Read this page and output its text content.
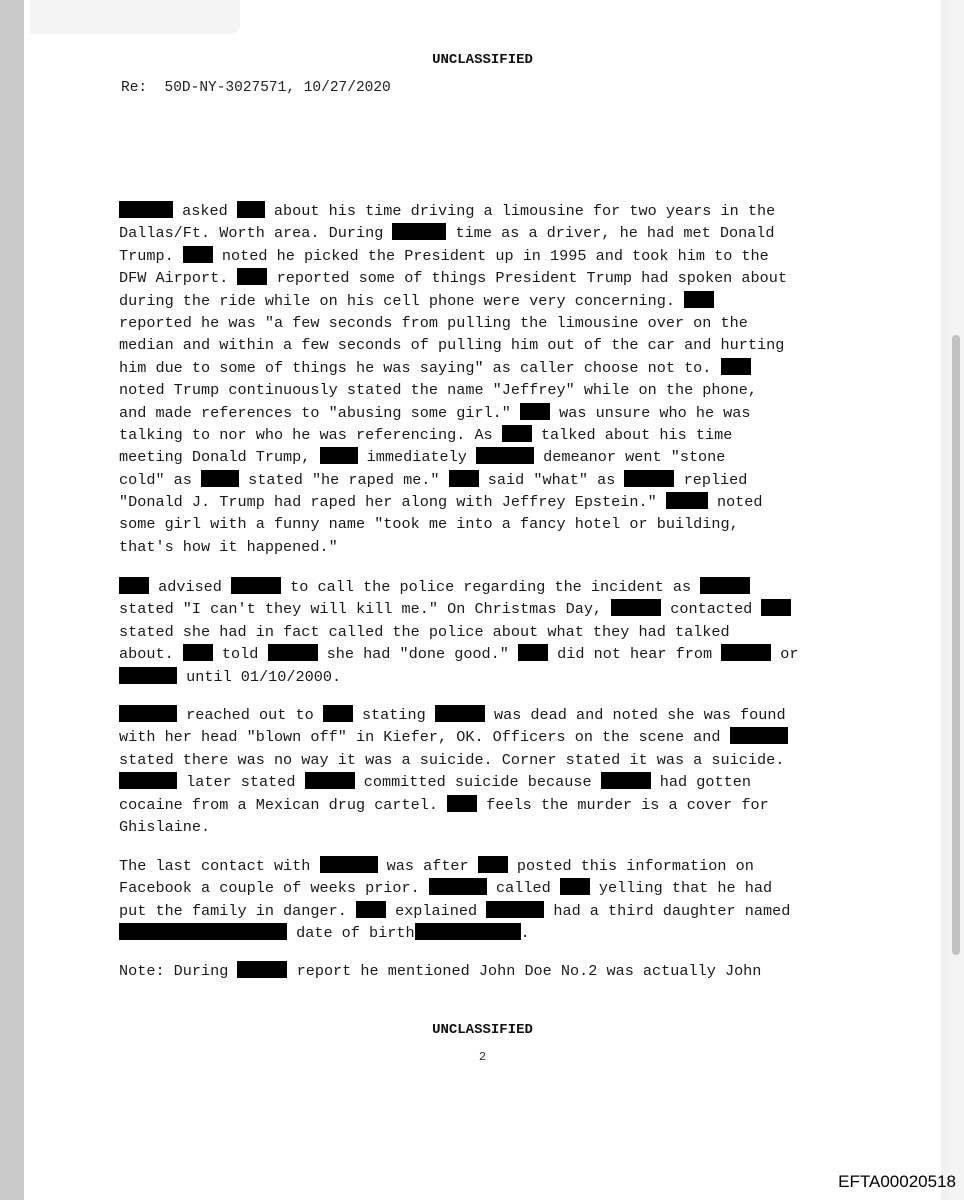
UNCLASSIFIED
Re:  50D-NY-3027571, 10/27/2020
asked  about his time driving a limousine for two years in the
Dallas/Ft. Worth area. During	time as a driver, he had met Donald
Trump.  noted he picked the President up in 1995 and took him to the
DFW Airport.  reported some of things President Trump had spoken about
during the ride while on his cell phone were very concerning.
reported he was "a few seconds from pulling the limousine over on the
median and within a few seconds of pulling him out of the car and hurting
him due to some of things he was saying" as caller choose not to.
noted Trump continuously stated the name "Jeffrey" while on the phone,
and made references to "abusing some girl."  was unsure who he was
talking to nor who he was referencing. As  talked about his time
meeting Donald Trump,	immediately	demeanor went "stone
cold" as	stated "he raped me."  said "what" as	replied
"Donald J. Trump had raped her along with Jeffrey Epstein."	noted
some girl with a funny name "took me into a fancy hotel or building,
that's how it happened."
advised	to call the police regarding the incident as
stated "I can't they will kill me." On Christmas Day,	contacted
stated she had in fact called the police about what they had talked
about.  told	she had "done good."  did not hear from	or
until 01/10/2000.
reached out to  stating	was dead and noted she was found
with her head "blown off" in Kiefer, OK. Officers on the scene and
stated there was no way it was a suicide. Corner stated it was a suicide.
later stated	committed suicide because	had gotten
cocaine from a Mexican drug cartel.  feels the murder is a cover for
Ghislaine.
The last contact with	was after  posted this information on
Facebook a couple of weeks prior.	called  yelling that he had
put the family in danger.  explained	had a third daughter named
date of birth	.
Note: During	report he mentioned John Doe No.2 was actually John
UNCLASSIFIED
2
EFTA00020518
